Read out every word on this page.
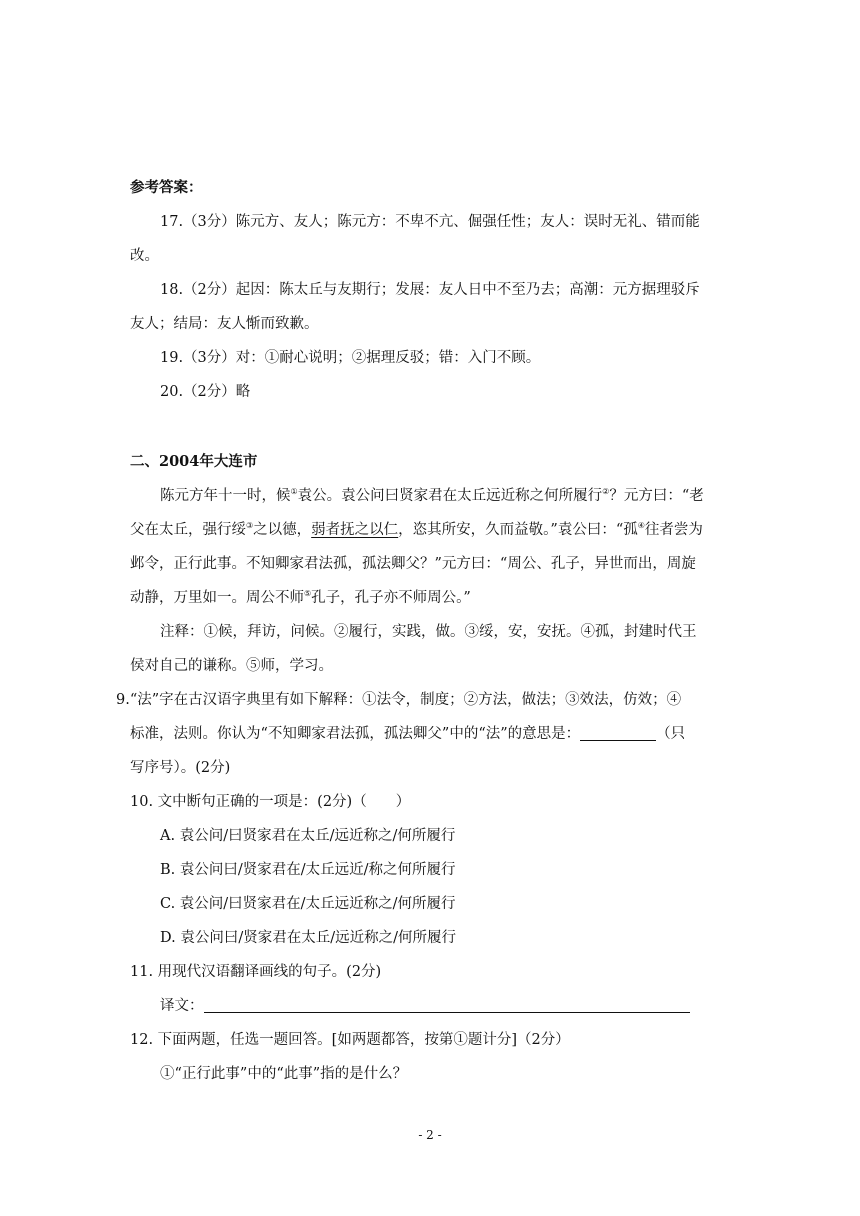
参考答案：
17.（3分）陈元方、友人；陈元方：不卑不亢、倔强任性；友人：误时无礼、错而能
改。
18.（2分）起因：陈太丘与友期行；发展：友人日中不至乃去；高潮：元方据理驳斥
友人；结局：友人惭而致歉。
19.（3分）对：①耐心说明；②据理反驳；错：入门不顾。
20.（2分）略
二、2004年大连市
陈元方年十一时，候①袁公。袁公问曰贤家君在太丘远近称之何所履行②？元方曰：“老
父在太丘，强行绥③之以德，弱者抚之以仁，恣其所安，久而益敬。”袁公曰：“孤④往者尝为
邺令，正行此事。不知卿家君法孤，孤法卿父？”元方曰：“周公、孔子，异世而出，周旋
动静，万里如一。周公不师⑤孔子，孔子亦不师周公。”
注释：①候，拜访，问候。②履行，实践，做。③绥，安，安抚。④孤，封建时代王
侯对自己的谦称。⑤师，学习。
9.“法”字在古汉语字典里有如下解释：①法令，制度；②方法，做法；③效法，仿效；④
标准，法则。你认为“不知卿家君法孤，孤法卿父”中的“法”的意思是：	（只
写序号）。(2分)
10. 文中断句正确的一项是：(2分)（　　）
A. 袁公问/曰贤家君在太丘/远近称之/何所履行
B. 袁公问曰/贤家君在/太丘远近/称之何所履行
C. 袁公问/曰贤家君在/太丘远近称之/何所履行
D. 袁公问曰/贤家君在太丘/远近称之/何所履行
11. 用现代汉语翻译画线的句子。(2分)
译文：
12. 下面两题，任选一题回答。[如两题都答，按第①题计分]（2分）
①“正行此事”中的“此事”指的是什么？
- 2 -
